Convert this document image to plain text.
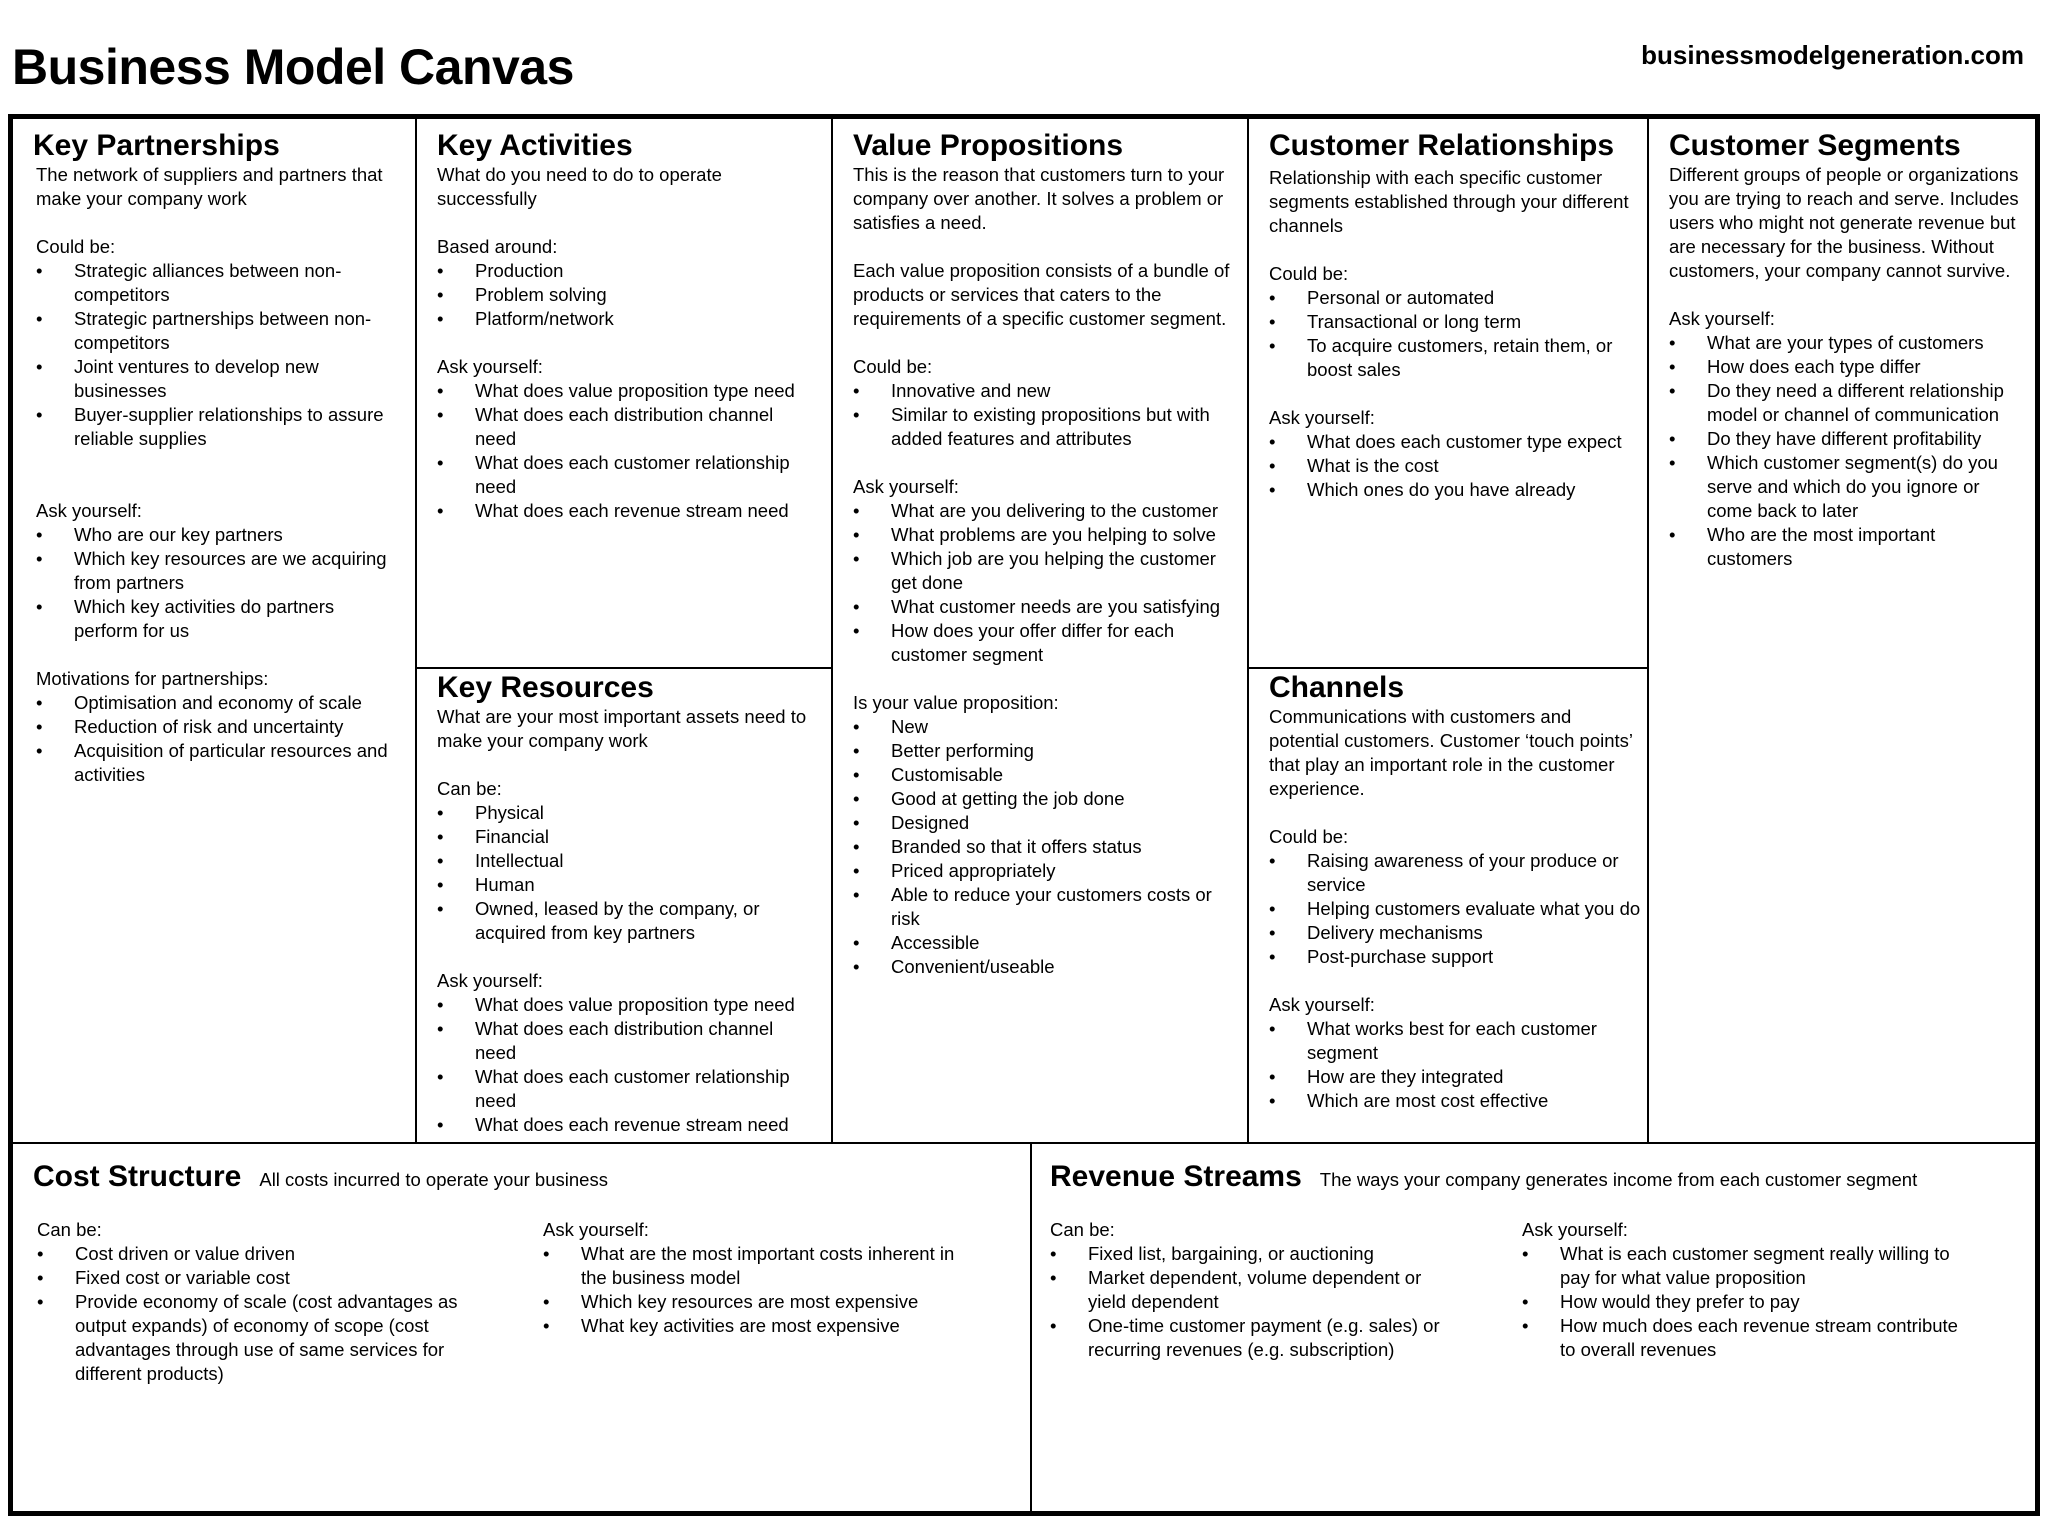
Business Model Canvas	businessmodelgeneration.com
Key Partnerships

The network of suppliers and partners that make your company work

Could be:

• Strategic alliances between non-competitors
• Strategic partnerships between non-competitors
• Joint ventures to develop new businesses
• Buyer-supplier relationships to assure reliable supplies

Ask yourself:

• Who are our key partners
• Which key resources are we acquiring from partners
• Which key activities do partners perform for us

Motivations for partnerships:

• Optimisation and economy of scale
• Reduction of risk and uncertainty
• Acquisition of particular resources and activities
Key Activities

What do you need to do to operate successfully

Based around:

• Production
• Problem solving
• Platform/network

Ask yourself:

• What does value proposition type need
• What does each distribution channel need
• What does each customer relationship need
• What does each revenue stream need
Key Resources

What are your most important assets need to make your company work

Can be:

• Physical
• Financial
• Intellectual
• Human
• Owned, leased by the company, or acquired from key partners

Ask yourself:

• What does value proposition type need
• What does each distribution channel need
• What does each customer relationship need
• What does each revenue stream need
Value Propositions

This is the reason that customers turn to your company over another. It solves a problem or satisfies a need.

Each value proposition consists of a bundle of products or services that caters to the requirements of a specific customer segment.

Could be:

• Innovative and new
• Similar to existing propositions but with added features and attributes

Ask yourself:

• What are you delivering to the customer
• What problems are you helping to solve
• Which job are you helping the customer get done
• What customer needs are you satisfying
• How does your offer differ for each customer segment

Is your value proposition:

• New
• Better performing
• Customisable
• Good at getting the job done
• Designed
• Branded so that it offers status
• Priced appropriately
• Able to reduce your customers costs or risk
• Accessible
• Convenient/useable
Customer Relationships

Relationship with each specific customer segments established through your different channels

Could be:

• Personal or automated
• Transactional or long term
• To acquire customers, retain them, or boost sales

Ask yourself:

• What does each customer type expect
• What is the cost
• Which ones do you have already
Channels

Communications with customers and potential customers. Customer ‘touch points’ that play an important role in the customer experience.

Could be:

• Raising awareness of your produce or service
• Helping customers evaluate what you do
• Delivery mechanisms
• Post-purchase support

Ask yourself:

• What works best for each customer segment
• How are they integrated
• Which are most cost effective
Customer Segments

Different groups of people or organizations you are trying to reach and serve. Includes users who might not generate revenue but are necessary for the business. Without customers, your company cannot survive.

Ask yourself:

• What are your types of customers
• How does each type differ
• Do they need a different relationship model or channel of communication
• Do they have different profitability
• Which customer segment(s) do you serve and which do you ignore or come back to later
• Who are the most important customers
Cost Structure All costs incurred to operate your business

Can be:

• Cost driven or value driven
• Fixed cost or variable cost
• Provide economy of scale (cost advantages as output expands) of economy of scope (cost advantages through use of same services for different products)

Ask yourself:

• What are the most important costs inherent in the business model
• Which key resources are most expensive
• What key activities are most expensive
Revenue Streams The ways your company generates income from each customer segment

Can be:

• Fixed list, bargaining, or auctioning
• Market dependent, volume dependent or yield dependent
• One-time customer payment (e.g. sales) or recurring revenues (e.g. subscription)

Ask yourself:

• What is each customer segment really willing to pay for what value proposition
• How would they prefer to pay
• How much does each revenue stream contribute to overall revenues
